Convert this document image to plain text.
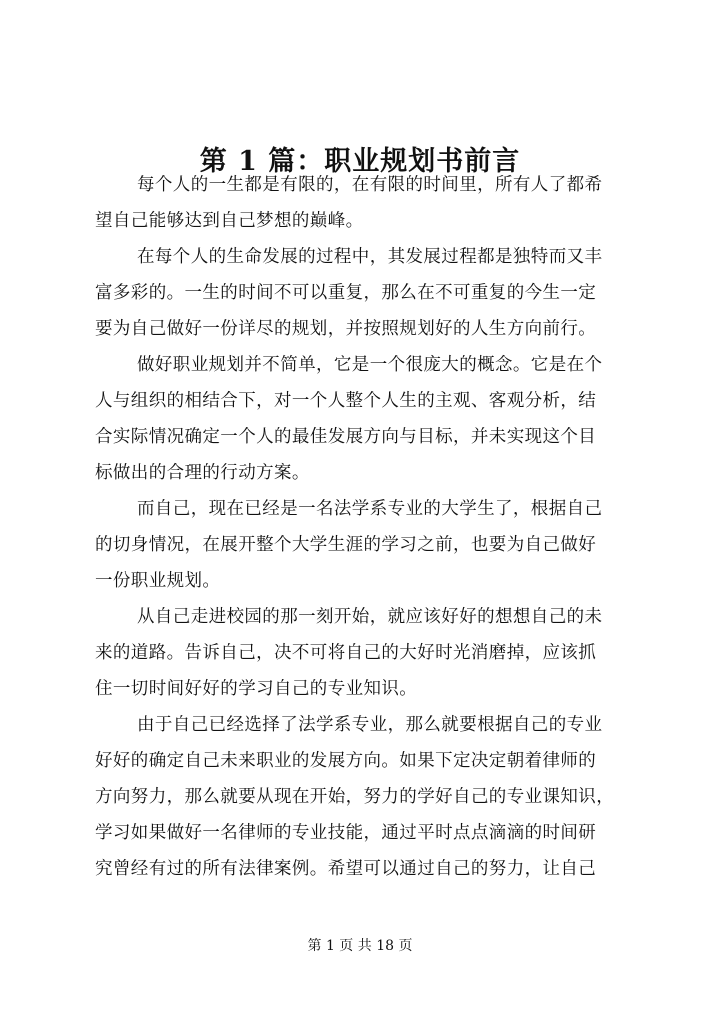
第 1 篇：职业规划书前言

每个人的一生都是有限的，在有限的时间里，所有人了都希
望自己能够达到自己梦想的巅峰。

在每个人的生命发展的过程中，其发展过程都是独特而又丰
富多彩的。一生的时间不可以重复，那么在不可重复的今生一定
要为自己做好一份详尽的规划，并按照规划好的人生方向前行。

做好职业规划并不简单，它是一个很庞大的概念。它是在个
人与组织的相结合下，对一个人整个人生的主观、客观分析，结
合实际情况确定一个人的最佳发展方向与目标，并未实现这个目
标做出的合理的行动方案。

而自己，现在已经是一名法学系专业的大学生了，根据自己
的切身情况，在展开整个大学生涯的学习之前，也要为自己做好
一份职业规划。

从自己走进校园的那一刻开始，就应该好好的想想自己的未
来的道路。告诉自己，决不可将自己的大好时光消磨掉，应该抓
住一切时间好好的学习自己的专业知识。

由于自己已经选择了法学系专业，那么就要根据自己的专业
好好的确定自己未来职业的发展方向。如果下定决定朝着律师的
方向努力，那么就要从现在开始，努力的学好自己的专业课知识，
学习如果做好一名律师的专业技能，通过平时点点滴滴的时间研
究曾经有过的所有法律案例。希望可以通过自己的努力，让自己

第 1 页 共 18 页
